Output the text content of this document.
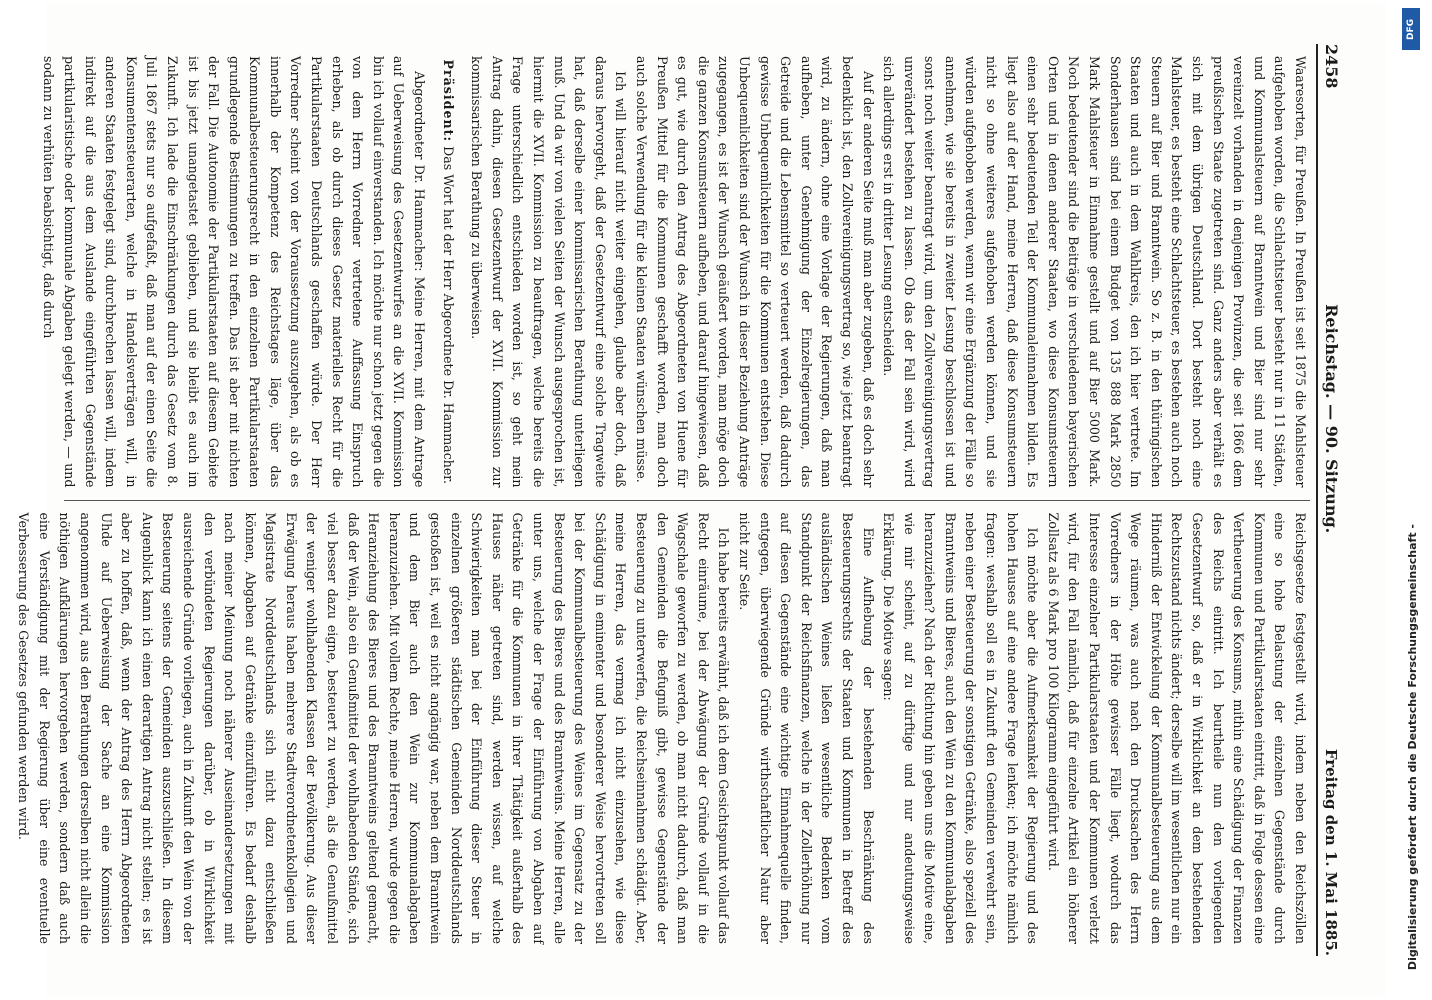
2458
Reichstag. — 90. Sitzung.
Freitag den 1. Mai 1885.

Waaresorten, für Preußen. In Preußen ist seit 1875 die Mahlsteuer aufgehoben worden, die Schlachtsteuer besteht nur in 11 Städten, und Kommunalsteuern auf Branntwein und Bier sind nur sehr vereinzelt vorhanden in denjenigen Provinzen, die seit 1866 dem preußischen Staate zugetreten sind. Ganz anders aber verhält es sich mit dem übrigen Deutschland. Dort besteht noch eine Mahlsteuer, es besteht eine Schlachtsteuer, es bestehen auch noch Steuern auf Bier und Branntwein. So z. B. in den thüringischen Staaten und auch in dem Wahlkreis, den ich hier vertrete. Im Sonderhausen sind bei einem Budget von 135 888 Mark 2850 Mark Mahlsteuer in Einnahme gestellt und auf Bier 5000 Mark. Noch bedeutender sind die Beiträge in verschiedenen bayerischen Orten und in denen anderer Staaten, wo diese Konsumsteuern einen sehr bedeutenden Teil der Kommunaleinnahmen bilden. Es liegt also auf der Hand, meine Herren, daß diese Konsumsteuern nicht so ohne weiteres aufgehoben werden können, und sie würden aufgehoben werden, wenn wir eine Ergänzung der Fälle so annehmen, wie sie bereits in zweiter Lesung beschlossen ist und sonst noch weiter beantragt wird, um den Zollvereinigungsvertrag unverändert bestehen zu lassen. Ob das der Fall sein wird, wird sich allerdings erst in dritter Lesung entscheiden.

Auf der anderen Seite muß man aber zugeben, daß es doch sehr bedenklich ist, den Zollvereinigungsvertrag so, wie jetzt beantragt wird, zu ändern, ohne eine Vorlage der Regierungen, daß man aufheben, unter Genehmigung der Einzelregierungen, das Getreide und die Lebensmittel so verteuert werden, daß dadurch gewisse Unbequemlichkeiten für die Kommunen entstehen. Diese Unbequemlichkeiten sind der Wunsch in dieser Beziehung Anträge zugegangen, es ist der Wunsch geäußert worden, man möge doch die ganzen Konsumsteuern aufheben, und darauf hingewiesen, daß es gut, wie durch den Antrag des Abgeordneten von Huene für Preußen Mittel für die Kommunen geschafft worden, man doch auch solche Verwendung für die kleinen Staaten wünschen müsse.

Ich will hierauf nicht weiter eingehen, glaube aber doch, daß daraus hervorgeht, daß der Gesetzentwurf eine solche Tragweite hat, daß derselbe einer kommissarischen Berathung unterliegen muß. Und da wir von vielen Seiten der Wunsch ausgesprochen ist, hiermit die XVII. Kommission zu beauftragen, welche bereits die Frage unterschiedlich entschieden worden ist, so geht mein Antrag dahin, diesen Gesetzentwurf der XVII. Kommission zur kommissarischen Berathung zu überweisen.

Präsident: Das Wort hat der Herr Abgeordnete Dr. Hammacher.

Abgeordneter Dr. Hammacher: Meine Herren, mit dem Antrage auf Ueberweisung des Gesetzentwurfes an die XVII. Kommission bin ich vollauf einverstanden. Ich möchte nur schon jetzt gegen die von dem Herrn Vorredner vertretene Auffassung Einspruch erheben, als ob durch dieses Gesetz materielles Recht für die Partikularstaaten Deutschlands geschaffen würde. Der Herr Vorredner scheint von der Voraussetzung auszugehen, als ob es innerhalb der Kompetenz des Reichstages läge, über das Kommunalbesteuerungsrecht in den einzelnen Partikularstaaten grundlegende Bestimmungen zu treffen. Das ist aber mit nichten der Fall. Die Autonomie der Partikularstaaten auf diesem Gebiete ist bis jetzt unangetastet geblieben, und sie bleibt es auch im Zukunft. Ich lade die Einschränkungen durch das Gesetz vom 8. Juli 1867 stets nur so aufgefaßt, daß man auf der einen Seite die Konsumentensteuerarten, welche in Handelsverträgen will, in anderen Staaten festgelegt sind, durchbrechen lassen will, indem indirekt auf die aus dem Auslande eingeführten Gegenstände partikularistische oder kommunale Abgaben gelegt werden, — und sodann zu verhüten beabsichtigt, daß durch

Reichsgesetze festgestellt wird, indem neben den Reichszöllen eine so hohe Belastung der einzelnen Gegenstände durch Kommunen und Partikularstaaten eintritt, daß in Folge dessen eine Vertheuerung des Konsums, mithin eine Schädigung der Finanzen des Reichs eintritt. Ich beurtheile nun den vorliegenden Gesetzentwurf so, daß er in Wirklichkeit an dem bestehenden Rechtszustand nichts ändert; derselbe will im wesentlichen nur ein Hinderniß der Entwickelung der Kommunalbesteuerung aus dem Wege räumen, was auch nach den Drucksachen des Herrn Vorredners in der Höhe gewisser Fälle liegt, wodurch das Interesse einzelner Partikularstaaten und der Kommunen verletzt wird, für den Fall nämlich, daß für einzelne Artikel ein höherer Zollsatz als 6 Mark pro 100 Kilogramm eingeführt wird.

Ich möchte aber die Aufmerksamkeit der Regierung und des hohen Hauses auf eine andere Frage lenken; ich möchte nämlich fragen: weshalb soll es in Zukunft den Gemeinden verwehrt sein, neben einer Besteuerung der sonstigen Getränke, also speziell des Branntweins und Bieres, auch den Wein zu den Kommunalabgaben heranzuziehen? Nach der Richtung hin geben uns die Motive eine, wie mir scheint, auf zu dürftige und nur andeutungsweise Erklärung. Die Motive sagen:

Eine Aufhebung der bestehenden Beschränkung des Besteuerungsrechts der Staaten und Kommunen in Betreff des ausländischen Weines ließen wesentliche Bedenken vom Standpunkt der Reichsfinanzen, welche in der Zollerhöhung nur auf diesen Gegenstände eine wichtige Einnahmequelle finden, entgegen, überwiegende Gründe wirthschaftlicher Natur aber nicht zur Seite.

Ich habe bereits erwähnt, daß ich dem Gesichtspunkt vollauf das Recht einräume, bei der Abwägung der Gründe vollauf in die Wagschale geworfen zu werden, ob man nicht dadurch, daß man den Gemeinden die Befugniß gibt, gewisse Gegenstände der Besteuerung zu unterwerfen, die Reichseinnahmen schädigt. Aber, meine Herren, das vermag ich nicht einzusehen, wie diese Schädigung in eminenter und besonderer Weise hervortreten soll bei der Kommunalbesteuerung des Weines im Gegensatz zu der Besteuerung des Bieres und des Branntweins. Meine Herren, alle unter uns, welche der Frage der Einführung von Abgaben auf Getränke für die Kommunen in ihrer Thätigkeit außerhalb des Hauses näher getreten sind, werden wissen, auf welche Schwierigkeiten man bei der Einführung dieser Steuer in einzelnen größeren städtischen Gemeinden Norddeutschlands gestoßen ist, weil es nicht angängig war, neben dem Branntwein und dem Bier auch den Wein zur Kommunalabgaben heranzuziehen. Mit vollem Rechte, meine Herren, wurde gegen die Heranziehung des Bieres und des Branntweins geltend gemacht, daß der Wein, also ein Genußmittel der wohlhabenden Stände, sich viel besser dazu eigne, besteuert zu werden, als die Genußmittel der weniger wohlhabenden Klassen der Bevölkerung. Aus dieser Erwägung heraus haben mehrere Stadtverordnetenkollegien und Magistrate Norddeutschlands sich nicht dazu entschließen können, Abgaben auf Getränke einzuführen. Es bedarf deshalb nach meiner Meinung noch näherer Auseinandersetzungen mit den verbündeten Regierungen darüber, ob in Wirklichkeit ausreichende Gründe vorliegen, auch in Zukunft den Wein von der Besteuerung seitens der Gemeinden auszuschließen. In diesem Augenblick kann ich einen derartigen Antrag nicht stellen; es ist aber zu hoffen, daß, wenn der Antrag des Herrn Abgeordneten Uhde auf Ueberweisung der Sache an eine Kommission angenommen wird, aus den Berathungen derselben nicht allein die nöthigen Aufklärungen hervorgehen werden, sondern daß auch eine Verständigung mit der Regierung über eine eventuelle Verbesserung des Gesetzes gefunden werden wird.	Digitalisierung gefördert durch die Deutsche Forschungsgemeinschaft -
DFG
